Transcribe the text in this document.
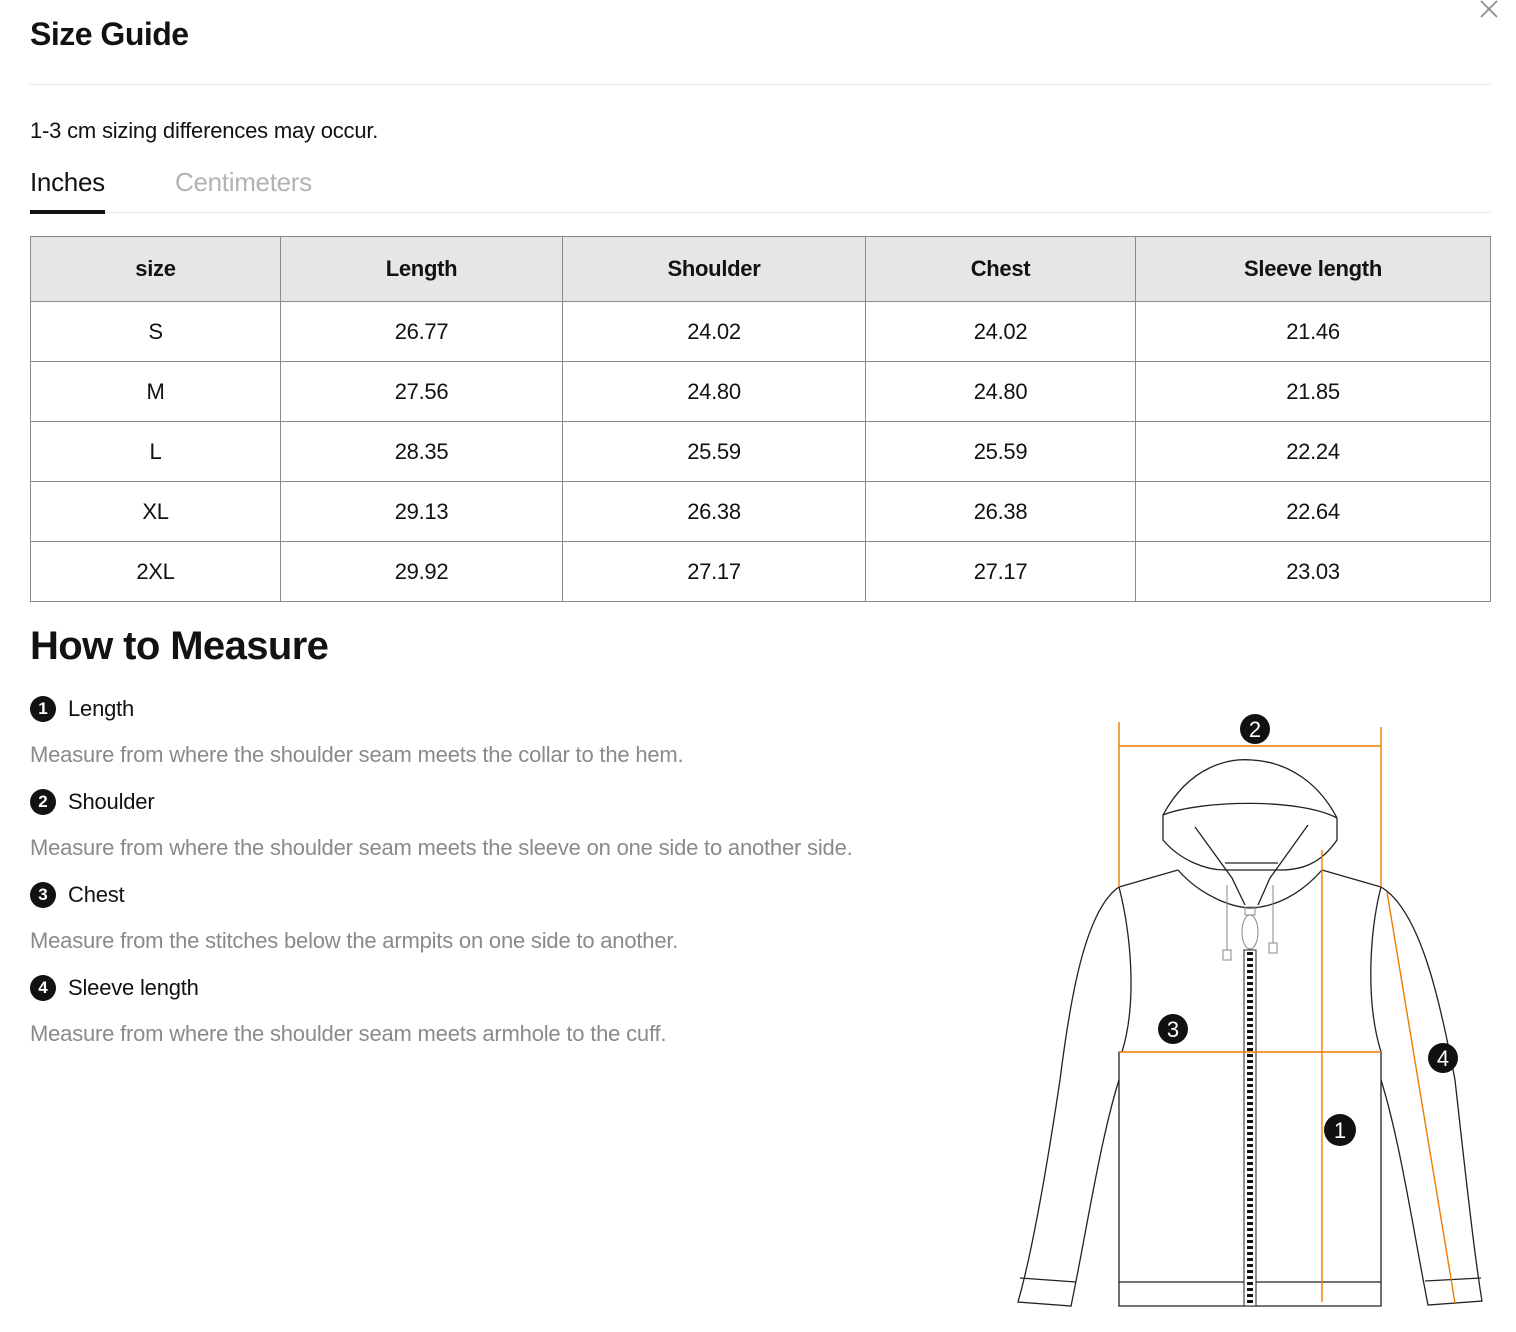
Size Guide
1-3 cm sizing differences may occur.
Inches	Centimeters
size	Length	Shoulder	Chest	Sleeve length
S	26.77	24.02	24.02	21.46
M	27.56	24.80	24.80	21.85
L	28.35	25.59	25.59	22.24
XL	29.13	26.38	26.38	22.64
2XL	29.92	27.17	27.17	23.03
How to Measure
1 Length
Measure from where the shoulder seam meets the collar to the hem.
2 Shoulder
Measure from where the shoulder seam meets the sleeve on one side to another side.
3 Chest
Measure from the stitches below the armpits on one side to another.
4 Sleeve length
Measure from where the shoulder seam meets armhole to the cuff.
2
3
1
4
